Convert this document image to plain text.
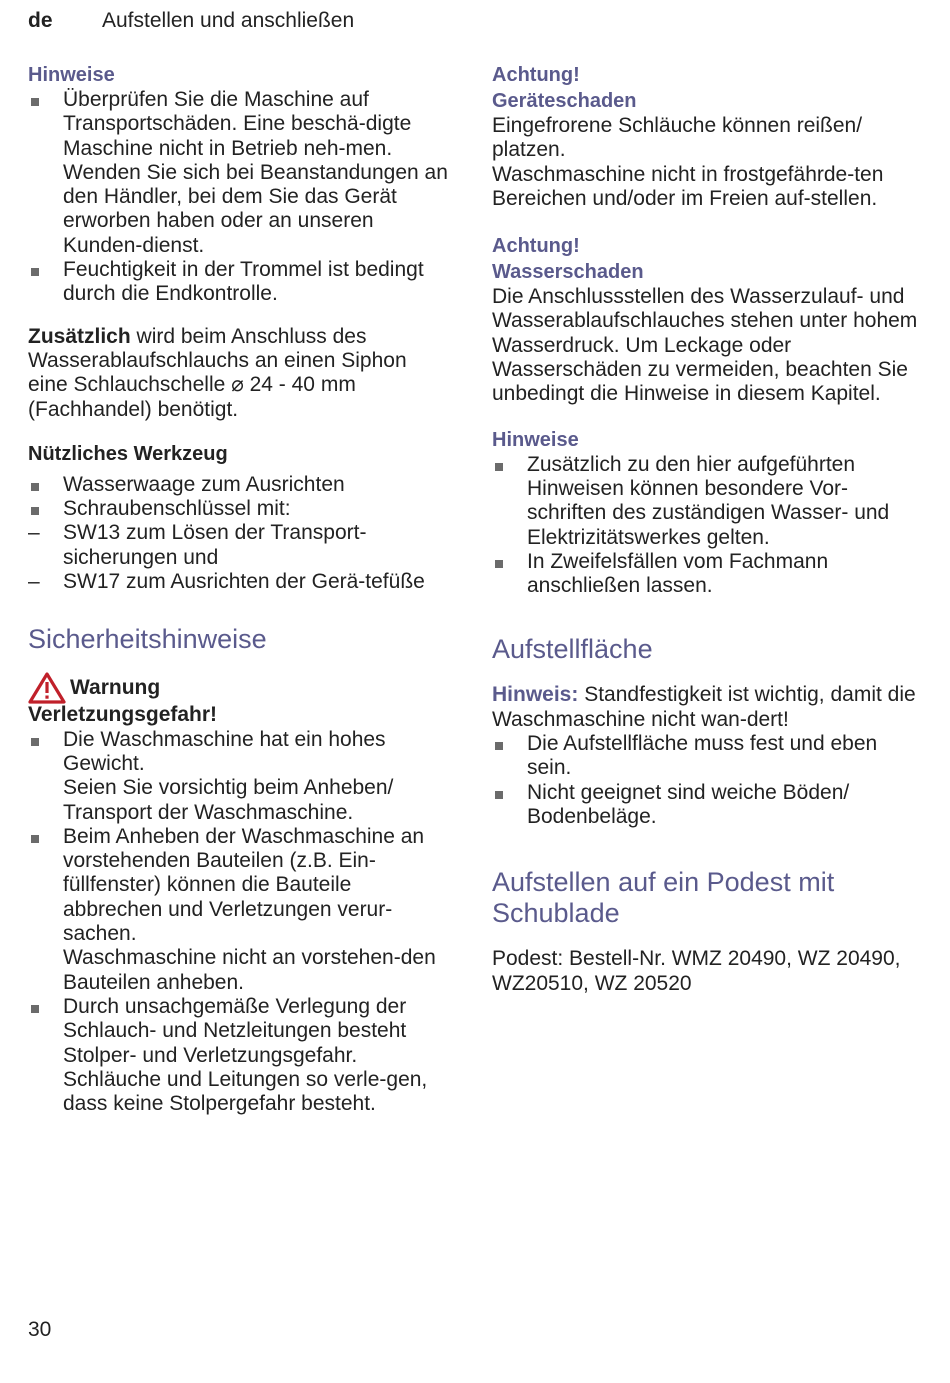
de Aufstellen und anschließen
Hinweise
Überprüfen Sie die Maschine auf Transportschäden. Eine beschä-digte Maschine nicht in Betrieb neh-men. Wenden Sie sich bei Beanstandungen an den Händler, bei dem Sie das Gerät erworben haben oder an unseren Kunden-dienst.
Feuchtigkeit in der Trommel ist bedingt durch die Endkontrolle.

Zusätzlich wird beim Anschluss des Wasserablaufschlauchs an einen Siphon eine Schlauchschelle ⌀ 24 - 40 mm (Fachhandel) benötigt.

Nützliches Werkzeug
Wasserwaage zum Ausrichten
Schraubenschlüssel mit:
– SW13 zum Lösen der Transport-sicherungen und
– SW17 zum Ausrichten der Gerä-tefüße
Sicherheitshinweise
Warnung
Verletzungsgefahr!
Die Waschmaschine hat ein hohes Gewicht.
Seien Sie vorsichtig beim Anheben/ Transport der Waschmaschine.
Beim Anheben der Waschmaschine an vorstehenden Bauteilen (z.B. Ein-füllfenster) können die Bauteile abbrechen und Verletzungen verur-sachen.
Waschmaschine nicht an vorstehen-den Bauteilen anheben.
Durch unsachgemäße Verlegung der Schlauch- und Netzleitungen besteht Stolper- und Verletzungsgefahr.
Schläuche und Leitungen so verle-gen, dass keine Stolpergefahr besteht.
Achtung!
Geräteschaden

Eingefrorene Schläuche können reißen/ platzen.

Waschmaschine nicht in frostgefährde-ten Bereichen und/oder im Freien auf-stellen.

Achtung!
Wasserschaden

Die Anschlussstellen des Wasserzulauf- und Wasserablaufschlauches stehen unter hohem Wasserdruck. Um Leckage oder Wasserschäden zu vermeiden, beachten Sie unbedingt die Hinweise in diesem Kapitel.

Hinweise
Zusätzlich zu den hier aufgeführten Hinweisen können besondere Vor-schriften des zuständigen Wasser- und Elektrizitätswerkes gelten.
In Zweifelsfällen vom Fachmann anschließen lassen.
Aufstellfläche

Hinweis: Standfestigkeit ist wichtig, damit die Waschmaschine nicht wan-dert!

Die Aufstellfläche muss fest und eben sein.
Nicht geeignet sind weiche Böden/ Bodenbeläge.
Aufstellen auf ein Podest mit Schublade

Podest: Bestell-Nr. WMZ 20490, WZ 20490, WZ20510, WZ 20520

30
